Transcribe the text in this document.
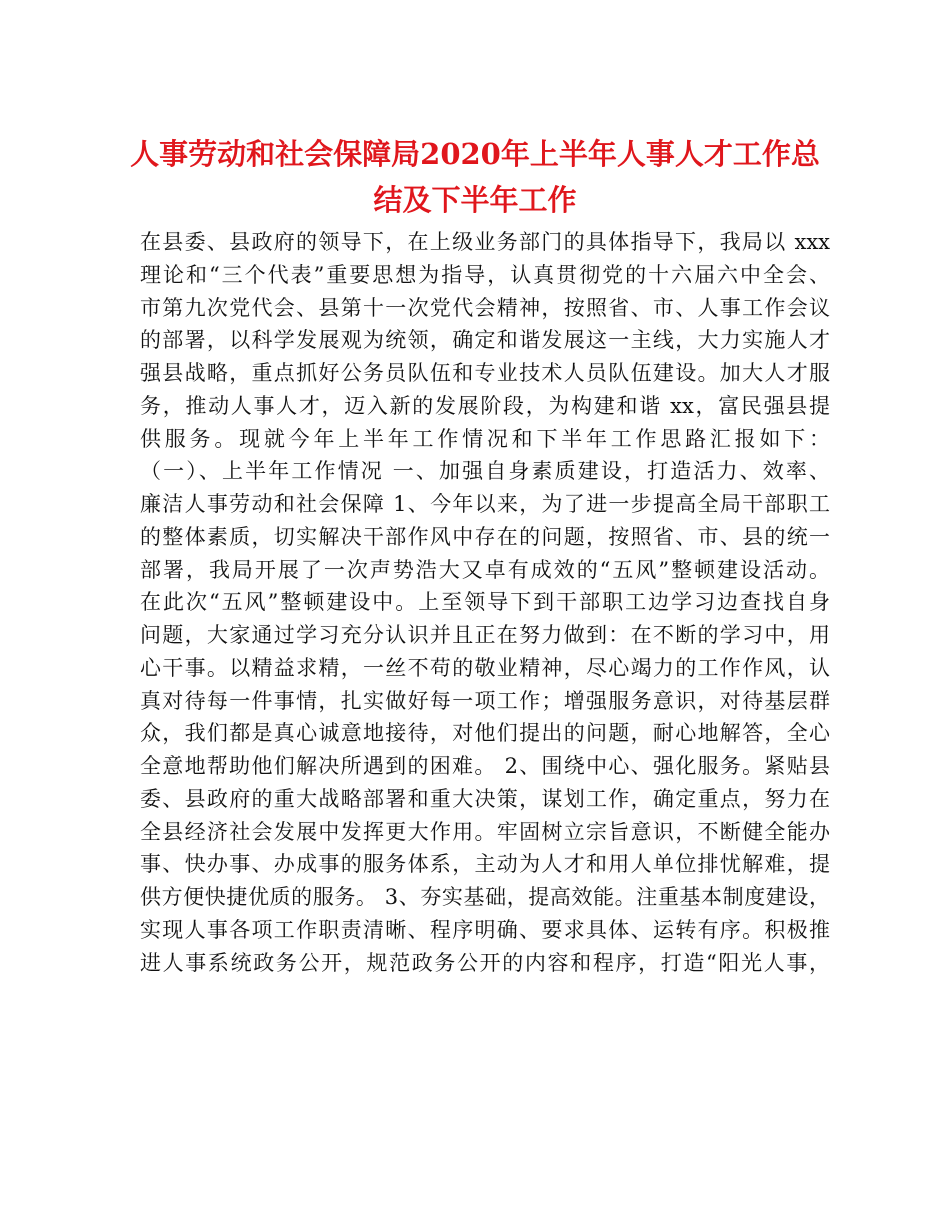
人事劳动和社会保障局2020年上半年人事人才工作总
结及下半年工作
在县委、县政府的领导下，在上级业务部门的具体指导下，我局以 xxx
理论和“三个代表”重要思想为指导，认真贯彻党的十六届六中全会、
市第九次党代会、县第十一次党代会精神，按照省、市、人事工作会议
的部署，以科学发展观为统领，确定和谐发展这一主线，大力实施人才
强县战略，重点抓好公务员队伍和专业技术人员队伍建设。加大人才服
务，推动人事人才，迈入新的发展阶段，为构建和谐 xx，富民强县提
供服务。现就今年上半年工作情况和下半年工作思路汇报如下：
（一）、上半年工作情况 一、加强自身素质建设，打造活力、效率、
廉洁人事劳动和社会保障 1、今年以来，为了进一步提高全局干部职工
的整体素质，切实解决干部作风中存在的问题，按照省、市、县的统一
部署，我局开展了一次声势浩大又卓有成效的“五风”整顿建设活动。
在此次“五风”整顿建设中。上至领导下到干部职工边学习边查找自身
问题，大家通过学习充分认识并且正在努力做到：在不断的学习中，用
心干事。以精益求精，一丝不苟的敬业精神，尽心竭力的工作作风，认
真对待每一件事情，扎实做好每一项工作；增强服务意识，对待基层群
众，我们都是真心诚意地接待，对他们提出的问题，耐心地解答，全心
全意地帮助他们解决所遇到的困难。 2、围绕中心、强化服务。紧贴县
委、县政府的重大战略部署和重大决策，谋划工作，确定重点，努力在
全县经济社会发展中发挥更大作用。牢固树立宗旨意识，不断健全能办
事、快办事、办成事的服务体系，主动为人才和用人单位排忧解难，提
供方便快捷优质的服务。 3、夯实基础，提高效能。注重基本制度建设，
实现人事各项工作职责清晰、程序明确、要求具体、运转有序。积极推
进人事系统政务公开，规范政务公开的内容和程序，打造“阳光人事，
